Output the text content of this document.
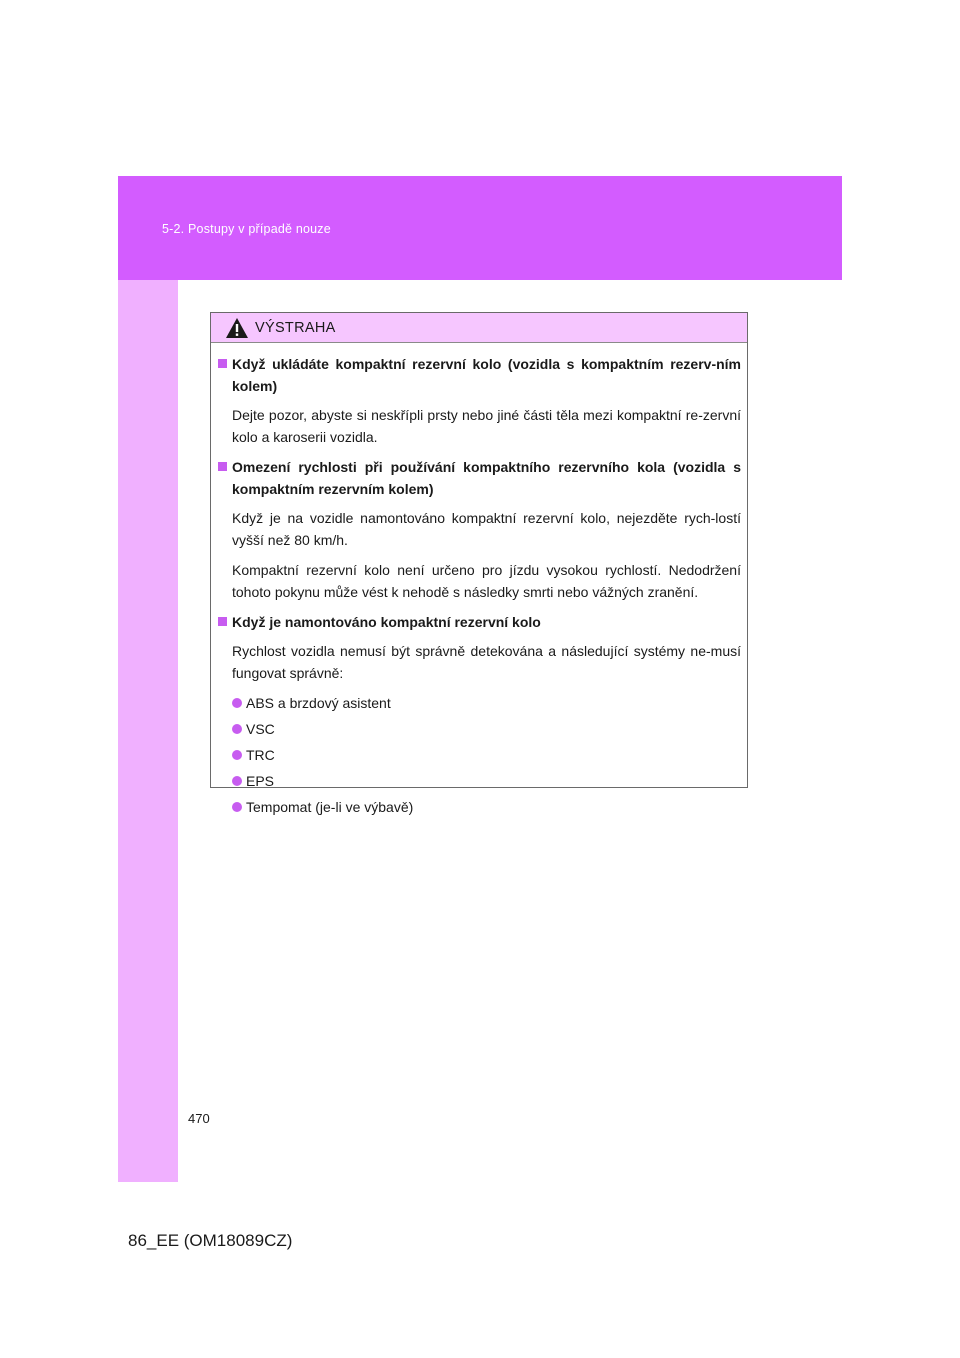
5-2. Postupy v případě nouze
VÝSTRAHA
Když ukládáte kompaktní rezervní kolo (vozidla s kompaktním rezerv-ním kolem)
Dejte pozor, abyste si neskřípli prsty nebo jiné části těla mezi kompaktní re-zervní kolo a karoserii vozidla.
Omezení rychlosti při používání kompaktního rezervního kola (vozidla s kompaktním rezervním kolem)
Když je na vozidle namontováno kompaktní rezervní kolo, nejezděte rych-lostí vyšší než 80 km/h.
Kompaktní rezervní kolo není určeno pro jízdu vysokou rychlostí. Nedodržení tohoto pokynu může vést k nehodě s následky smrti nebo vážných zranění.
Když je namontováno kompaktní rezervní kolo
Rychlost vozidla nemusí být správně detekována a následující systémy ne-musí fungovat správně:
ABS a brzdový asistent
VSC
TRC
EPS
Tempomat (je-li ve výbavě)
470
86_EE (OM18089CZ)
